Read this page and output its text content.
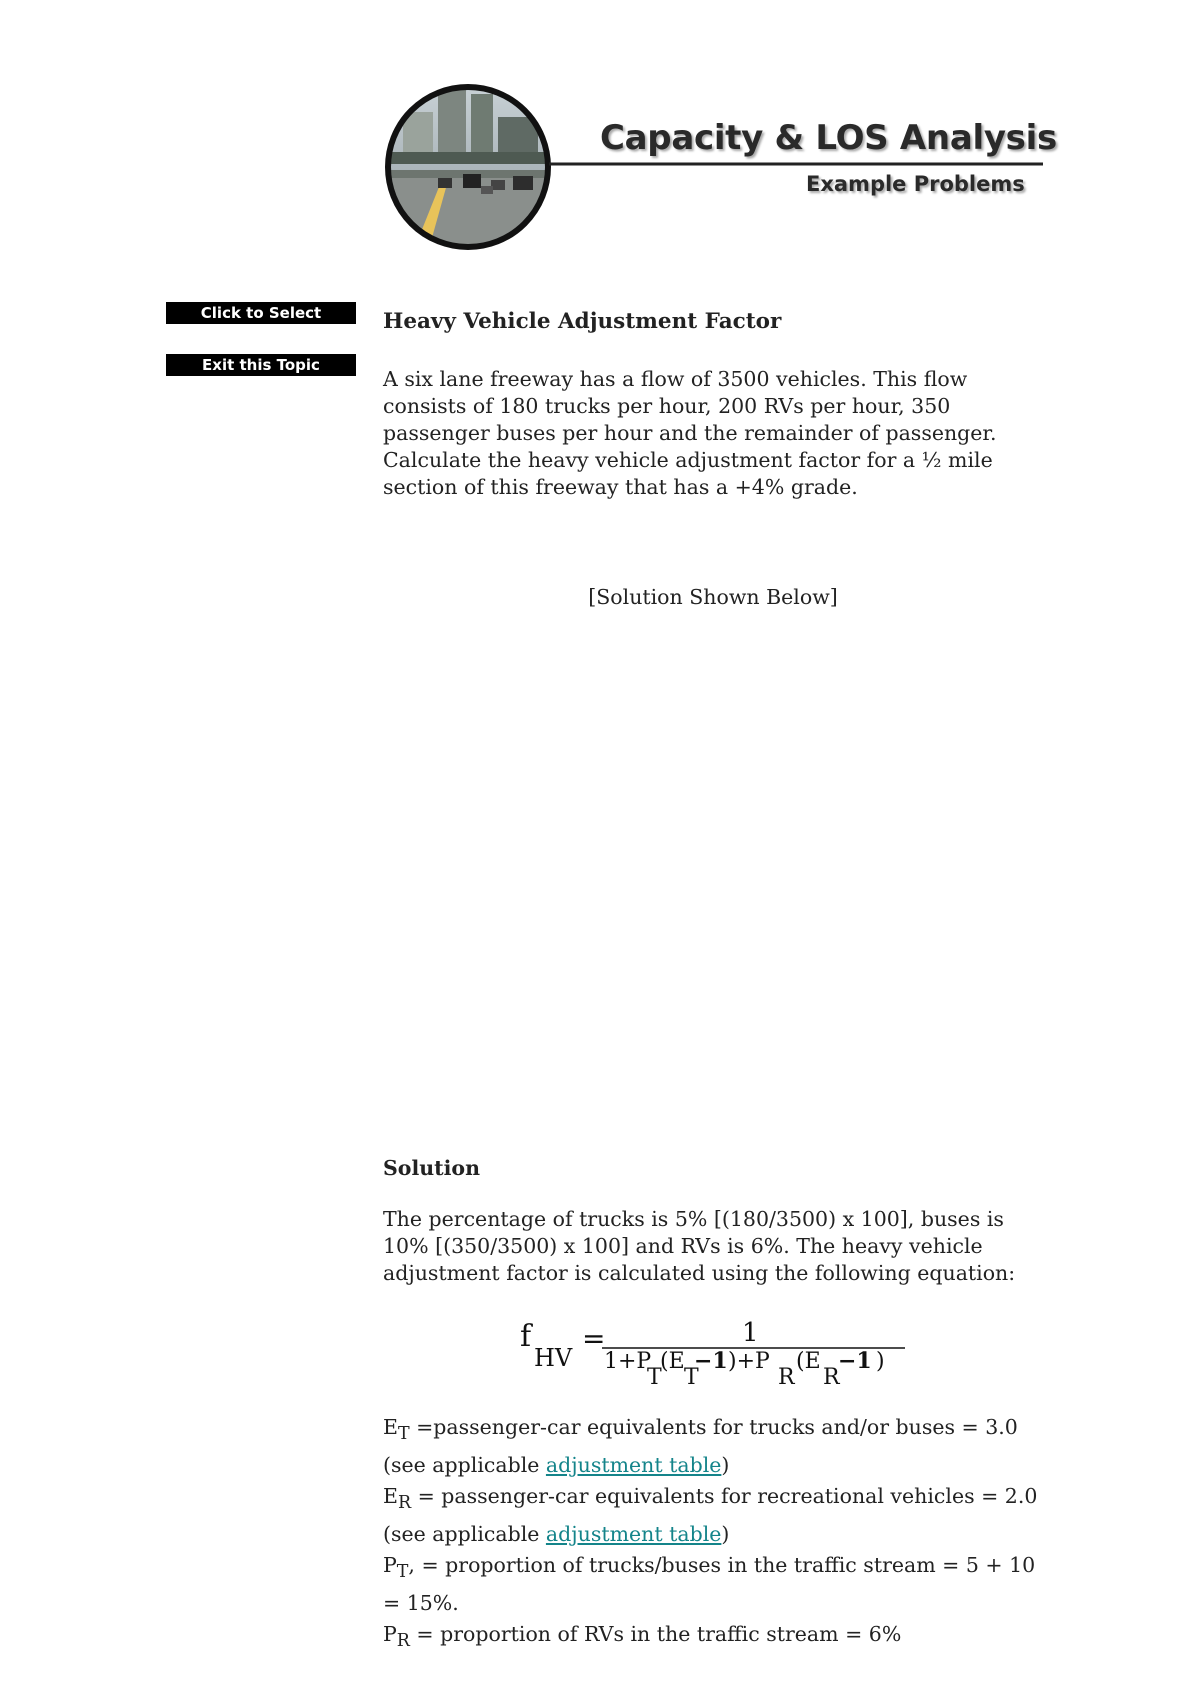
Capacity & LOS Analysis
Example Problems
Click to Select
Exit this Topic
Heavy Vehicle Adjustment Factor

A six lane freeway has a flow of 3500 vehicles. This flow consists of 180 trucks per hour, 200 RVs per hour, 350 passenger buses per hour and the remainder of passenger. Calculate the heavy vehicle adjustment factor for a ½ mile section of this freeway that has a +4% grade.

[Solution Shown Below]

Solution

The percentage of trucks is 5% [(180/3500) x 100], buses is 10% [(350/3500) x 100] and RVs is 6%. The heavy vehicle adjustment factor is calculated using the following equation:

f
HV
=	1
1+P
T
(E
T
−1 )+P
R
(E
R
−1 )

$E_T$ =passenger-car equivalents for trucks and/or buses = 3.0 (see applicable adjustment table)

$E_R$ = passenger-car equivalents for recreational vehicles = 2.0 (see applicable adjustment table)

$P_T$, = proportion of trucks/buses in the traffic stream = 5 + 10 = 15%.

$P_R$ = proportion of RVs in the traffic stream = 6%
